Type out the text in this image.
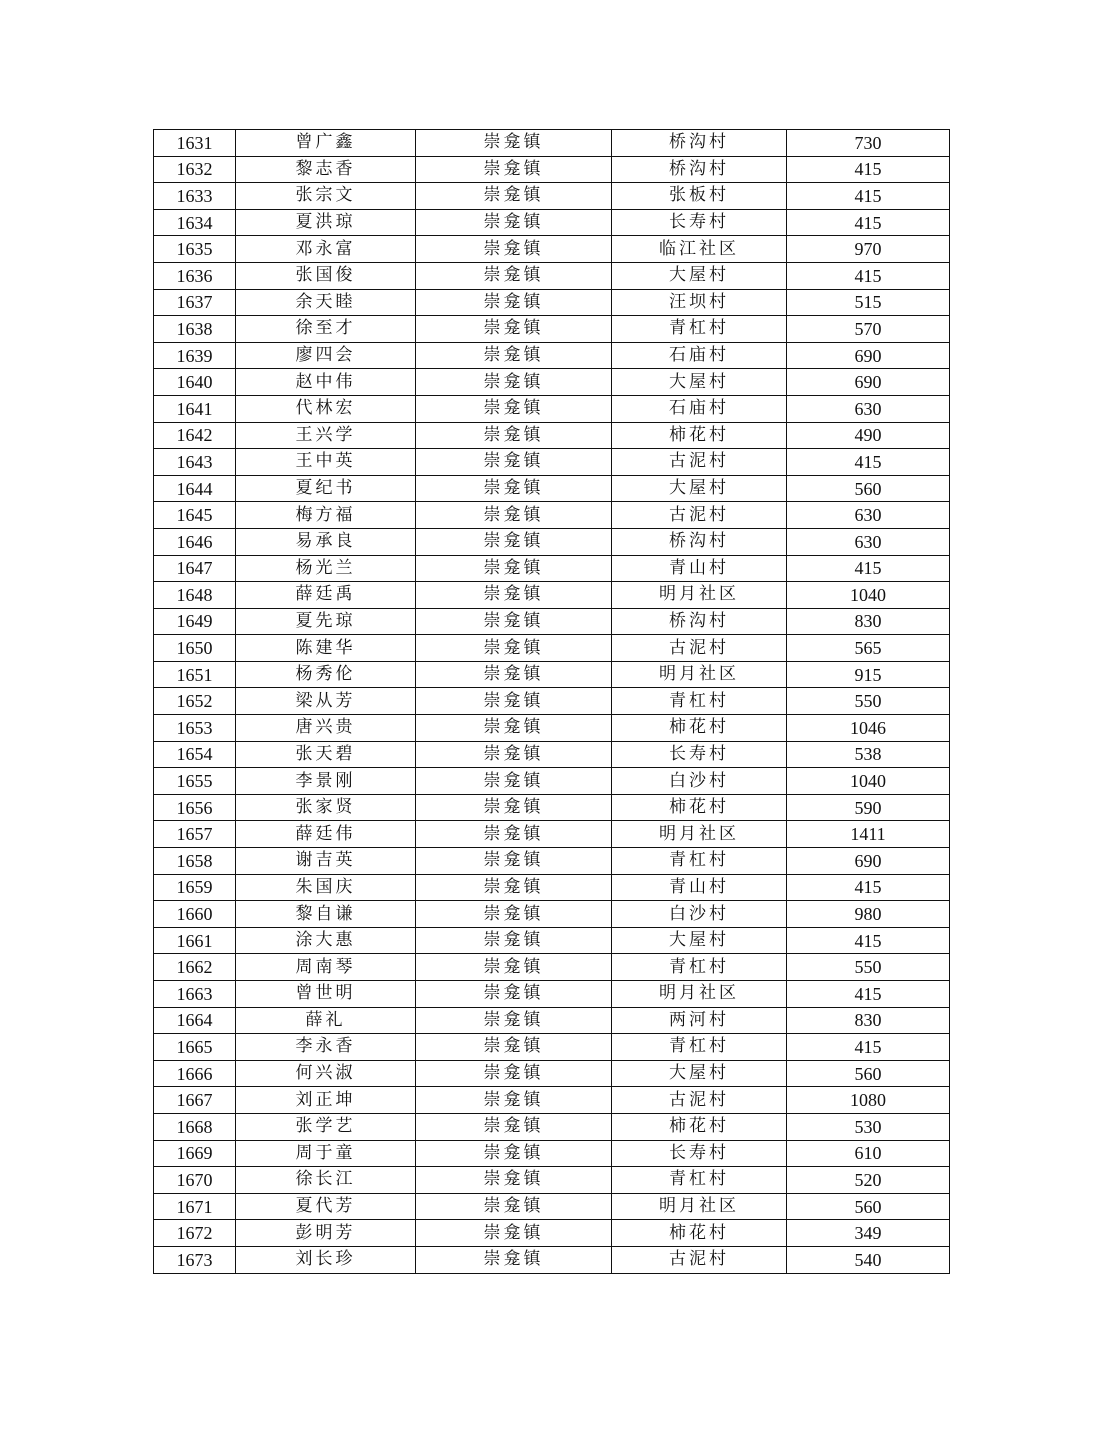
1631	曾广鑫	崇龛镇	桥沟村	730
1632	黎志香	崇龛镇	桥沟村	415
1633	张宗文	崇龛镇	张板村	415
1634	夏洪琼	崇龛镇	长寿村	415
1635	邓永富	崇龛镇	临江社区	970
1636	张国俊	崇龛镇	大屋村	415
1637	余天睦	崇龛镇	汪坝村	515
1638	徐至才	崇龛镇	青杠村	570
1639	廖四会	崇龛镇	石庙村	690
1640	赵中伟	崇龛镇	大屋村	690
1641	代林宏	崇龛镇	石庙村	630
1642	王兴学	崇龛镇	柿花村	490
1643	王中英	崇龛镇	古泥村	415
1644	夏纪书	崇龛镇	大屋村	560
1645	梅方福	崇龛镇	古泥村	630
1646	易承良	崇龛镇	桥沟村	630
1647	杨光兰	崇龛镇	青山村	415
1648	薛廷禹	崇龛镇	明月社区	1040
1649	夏先琼	崇龛镇	桥沟村	830
1650	陈建华	崇龛镇	古泥村	565
1651	杨秀伦	崇龛镇	明月社区	915
1652	梁从芳	崇龛镇	青杠村	550
1653	唐兴贵	崇龛镇	柿花村	1046
1654	张天碧	崇龛镇	长寿村	538
1655	李景刚	崇龛镇	白沙村	1040
1656	张家贤	崇龛镇	柿花村	590
1657	薛廷伟	崇龛镇	明月社区	1411
1658	谢吉英	崇龛镇	青杠村	690
1659	朱国庆	崇龛镇	青山村	415
1660	黎自谦	崇龛镇	白沙村	980
1661	涂大惠	崇龛镇	大屋村	415
1662	周南琴	崇龛镇	青杠村	550
1663	曾世明	崇龛镇	明月社区	415
1664	薛礼	崇龛镇	两河村	830
1665	李永香	崇龛镇	青杠村	415
1666	何兴淑	崇龛镇	大屋村	560
1667	刘正坤	崇龛镇	古泥村	1080
1668	张学艺	崇龛镇	柿花村	530
1669	周于童	崇龛镇	长寿村	610
1670	徐长江	崇龛镇	青杠村	520
1671	夏代芳	崇龛镇	明月社区	560
1672	彭明芳	崇龛镇	柿花村	349
1673	刘长珍	崇龛镇	古泥村	540
